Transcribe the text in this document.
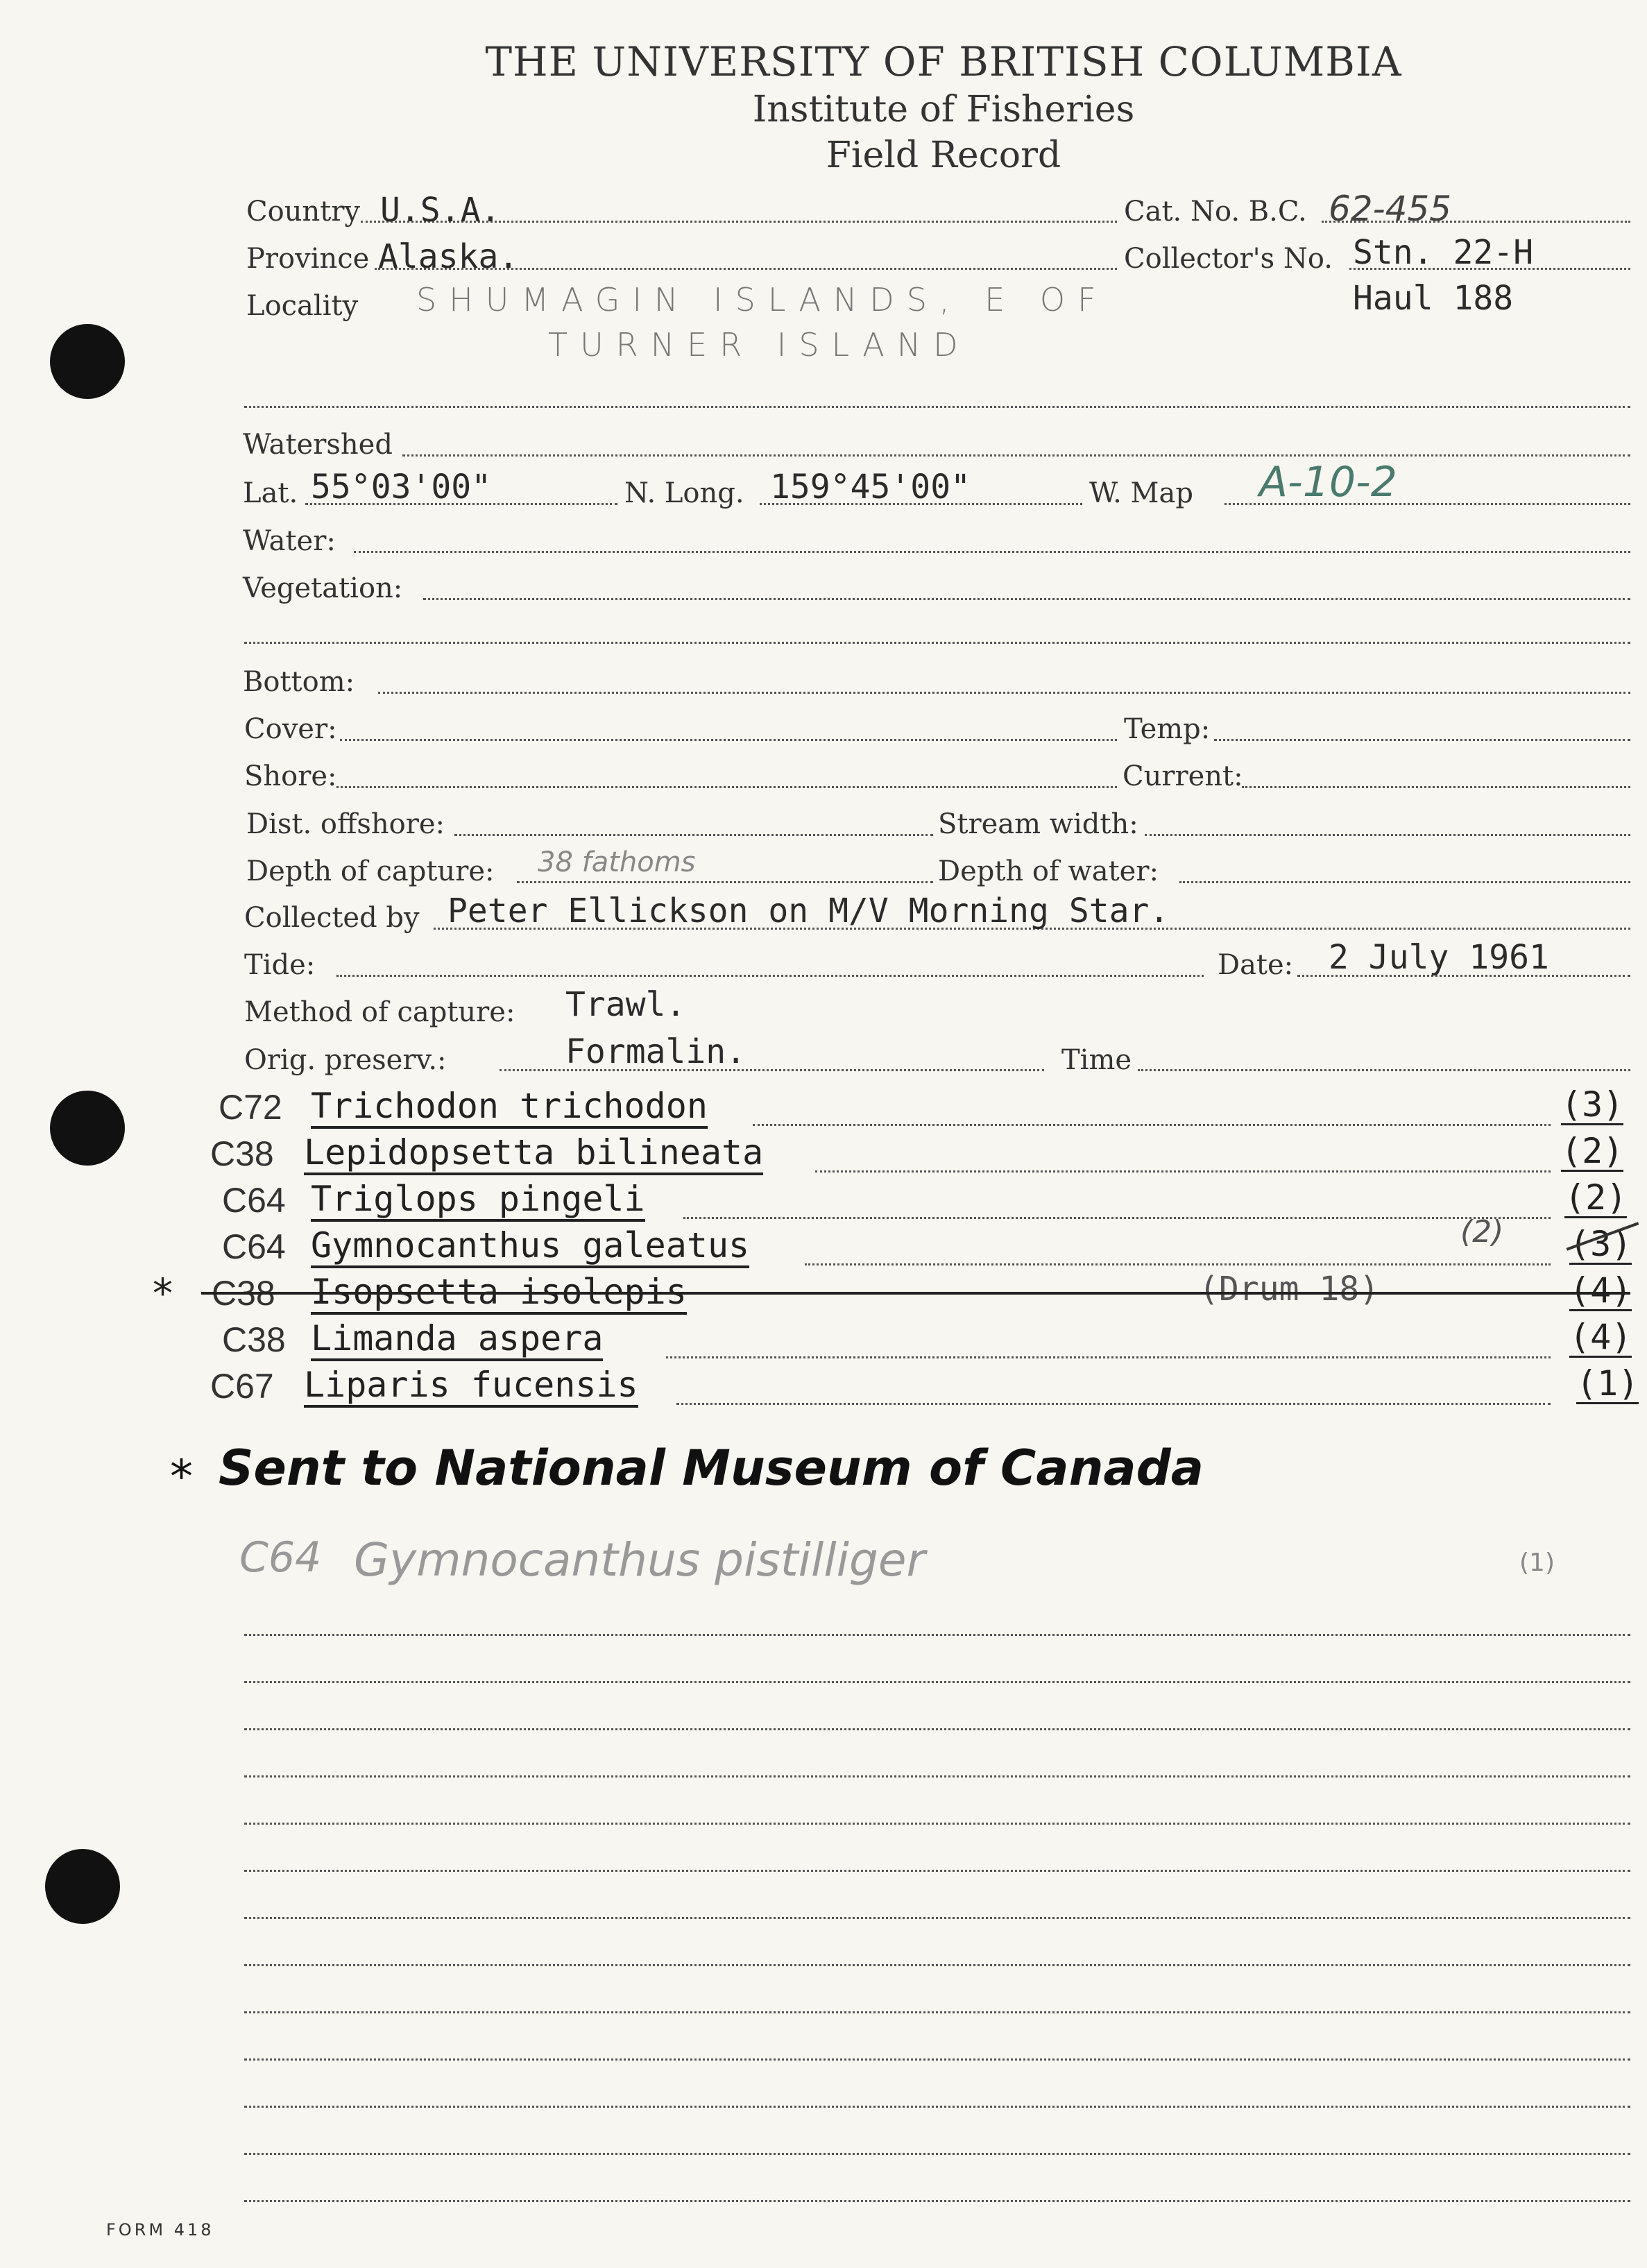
THE UNIVERSITY OF BRITISH COLUMBIA
Institute of Fisheries
Field Record
Country U.S.A.	Cat. No. B.C. 62-455
Province Alaska.	Collector's No. Stn. 22-H
Locality SHUMAGIN ISLANDS, E OF	Haul 188
TURNER ISLAND
Watershed
Lat. 55°03'00"	N. Long. 159°45'00"	W. Map A-10-2
Water:
Vegetation:
Bottom:
Cover:	Temp:
Shore:	Current:
Dist. offshore:	Stream width:
Depth of capture: 38 fathoms	Depth of water:
Collected by Peter Ellickson on M/V Morning Star.
Tide:	Date: 2 July 1961
Method of capture: Trawl.
Orig. preserv.:	Formalin.	Time
C72 Trichodon trichodon	(3)
C38 Lepidopsetta bilineata	(2)
C64 Triglops pingeli	(2)
C64 Gymnocanthus galeatus	(2) (3)
* C38 Isopsetta isolepis	(Drum 18)	(4)
C38 Limanda aspera	(4)
C67 Liparis fucensis	(1)
* Sent to National Museum of Canada
C64 Gymnocanthus pistilliger	(1)
FORM 418
